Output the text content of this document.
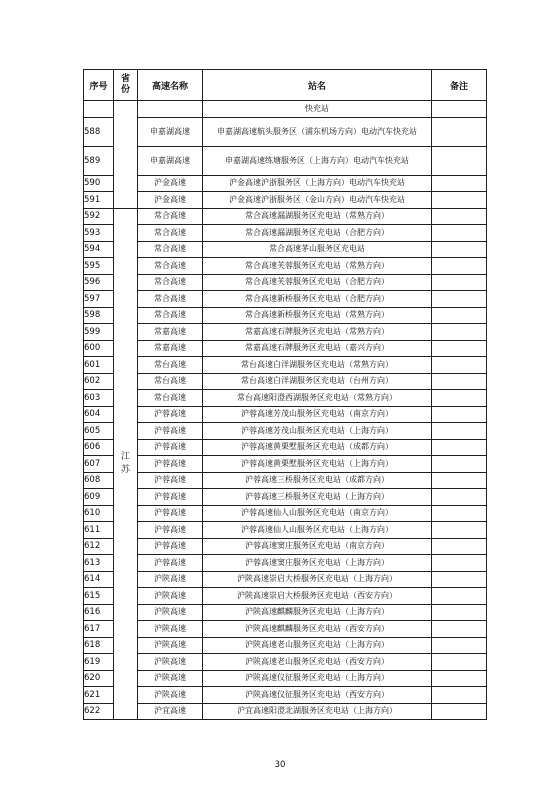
序号	省份	高速名称	站名	备注
			快充站	
588		申嘉湖高速	申嘉湖高速航头服务区（浦东机场方向）电动汽车快充站	
589		申嘉湖高速	申嘉湖高速练塘服务区（上海方向）电动汽车快充站	
590		沪金高速	沪金高速沪浙服务区（上海方向）电动汽车快充站	
591		沪金高速	沪金高速沪浙服务区（金山方向）电动汽车快充站	
592	江苏	常合高速	常合高速漏湖服务区充电站（常熟方向）	
593		常合高速	常合高速漏湖服务区充电站（合肥方向）	
594		常合高速	常合高速茅山服务区充电站	
595		常合高速	常合高速芙蓉服务区充电站（常熟方向）	
596		常合高速	常合高速芙蓉服务区充电站（合肥方向）	
597		常合高速	常合高速新桥服务区充电站（合肥方向）	
598		常合高速	常合高速新桥服务区充电站（常熟方向）	
599		常嘉高速	常嘉高速石牌服务区充电站（常熟方向）	
600		常嘉高速	常嘉高速石牌服务区充电站（嘉兴方向）	
601		常台高速	常台高速白洋湖服务区充电站（常熟方向）	
602		常台高速	常台高速白洋湖服务区充电站（台州方向）	
603		常台高速	常台高速阳澄西湖服务区充电站（常熟方向）	
604		沪蓉高速	沪蓉高速芳茂山服务区充电站（南京方向）	
605		沪蓉高速	沪蓉高速芳茂山服务区充电站（上海方向）	
606		沪蓉高速	沪蓉高速黄栗墅服务区充电站（成都方向）	
607		沪蓉高速	沪蓉高速黄栗墅服务区充电站（上海方向）	
608		沪蓉高速	沪蓉高速三桥服务区充电站（成都方向）	
609		沪蓉高速	沪蓉高速三桥服务区充电站（上海方向）	
610		沪蓉高速	沪蓉高速仙人山服务区充电站（南京方向）	
611		沪蓉高速	沪蓉高速仙人山服务区充电站（上海方向）	
612		沪蓉高速	沪蓉高速窦庄服务区充电站（南京方向）	
613		沪蓉高速	沪蓉高速窦庄服务区充电站（上海方向）	
614		沪陕高速	沪陕高速崇启大桥服务区充电站（上海方向）	
615		沪陕高速	沪陕高速崇启大桥服务区充电站（西安方向）	
616		沪陕高速	沪陕高速麒麟服务区充电站（上海方向）	
617		沪陕高速	沪陕高速麒麟服务区充电站（西安方向）	
618		沪陕高速	沪陕高速老山服务区充电站（上海方向）	
619		沪陕高速	沪陕高速老山服务区充电站（西安方向）	
620		沪陕高速	沪陕高速仪征服务区充电站（上海方向）	
621		沪陕高速	沪陕高速仪征服务区充电站（西安方向）	
622		沪宜高速	沪宜高速阳澄北湖服务区充电站（上海方向）	
30
